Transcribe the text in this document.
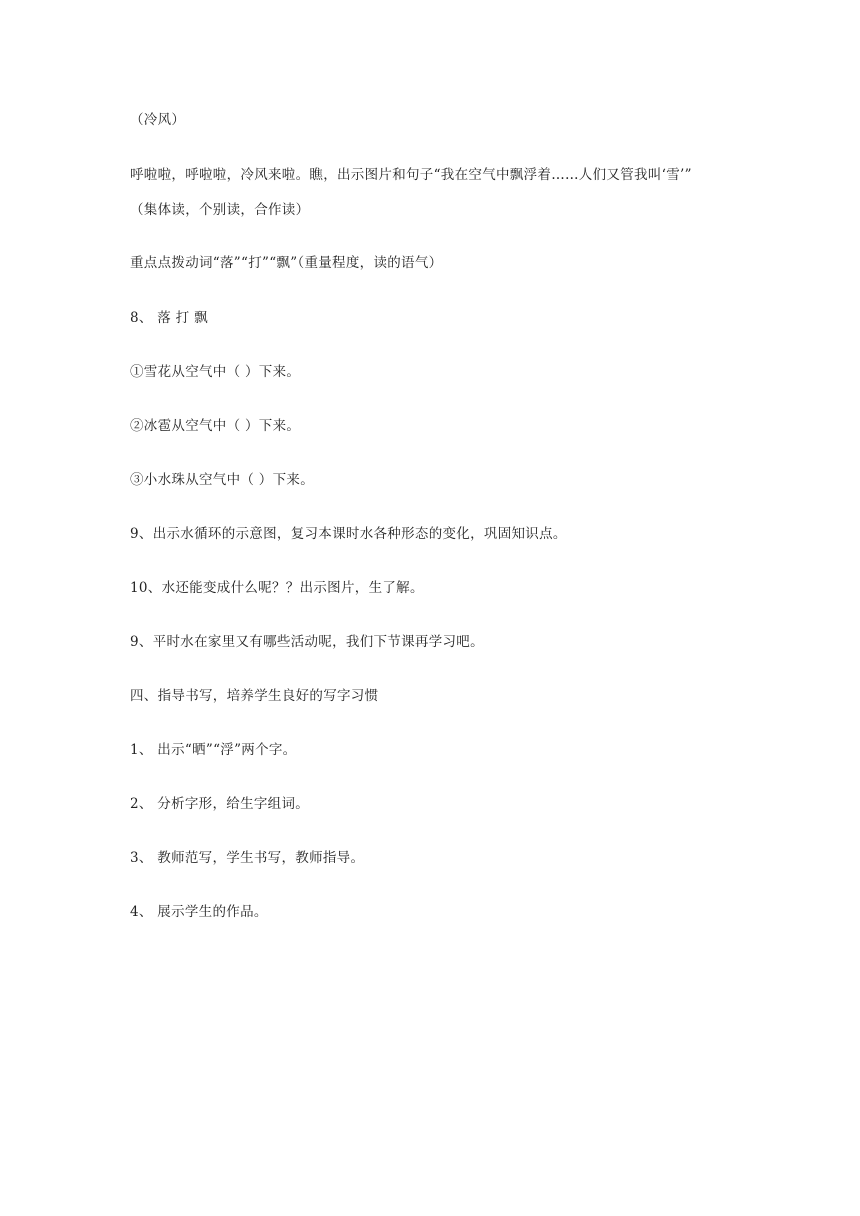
（冷风）
呼啦啦，呼啦啦，冷风来啦。瞧，出示图片和句子“我在空气中飘浮着……人们又管我叫‘雪’”
（集体读，个别读，合作读）
重点点拨动词“落”“打”“飘”（重量程度，读的语气）
8、 落 打 飘
①雪花从空气中（ ）下来。
②冰雹从空气中（ ）下来。
③小水珠从空气中（ ）下来。
9、出示水循环的示意图，复习本课时水各种形态的变化，巩固知识点。
10、水还能变成什么呢？？出示图片，生了解。
9、平时水在家里又有哪些活动呢，我们下节课再学习吧。
四、指导书写，培养学生良好的写字习惯
1、 出示“晒”“浮”两个字。
2、 分析字形，给生字组词。
3、 教师范写，学生书写，教师指导。
4、 展示学生的作品。
